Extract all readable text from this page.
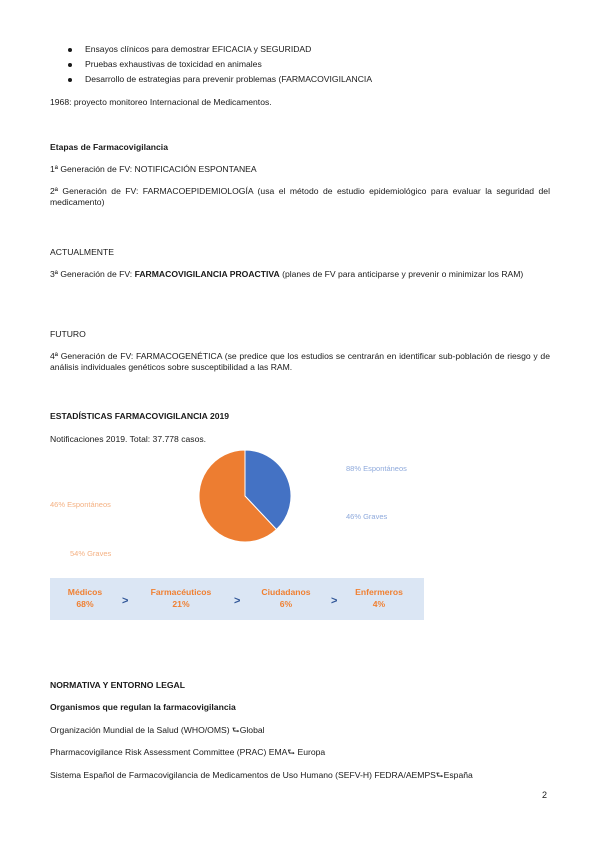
Ensayos clínicos para demostrar EFICACIA y SEGURIDAD
Pruebas exhaustivas de toxicidad en animales
Desarrollo de estrategias para prevenir problemas (FARMACOVIGILANCIA
1968: proyecto monitoreo Internacional de Medicamentos.
Etapas de Farmacovigilancia
1ª Generación de FV: NOTIFICACIÓN ESPONTANEA
2ª Generación de FV: FARMACOEPIDEMIOLOGÍA (usa el método de estudio epidemiológico para evaluar la seguridad del medicamento)
ACTUALMENTE
3ª Generación de FV: FARMACOVIGILANCIA PROACTIVA (planes de FV para anticiparse y prevenir o minimizar los RAM)
FUTURO
4ª Generación de FV: FARMACOGENÉTICA (se predice que los estudios se centrarán en identificar sub-población de riesgo y de análisis individuales genéticos sobre susceptibilidad a las RAM.
ESTADÍSTICAS FARMACOVIGILANCIA 2019
Notificaciones 2019. Total: 37.778 casos.
SEFV-H
38%
Industria
farmacéutica
62%
88% Espontáneos
46% Graves
46% Espontáneos
54% Graves
Médicos
68%	>
Farmacéuticos
21%	>
Ciudadanos
6%	>
Enfermeros
4%
NORMATIVA Y ENTORNO LEGAL
Organismos que regulan la farmacovigilancia
Organización Mundial de la Salud (WHO/OMS) ⮑Global
Pharmacovigilance Risk Assessment Committee (PRAC) EMA⮑ Europa
Sistema Español de Farmacovigilancia de Medicamentos de Uso Humano (SEFV-H) FEDRA/AEMPS⮑España
2
